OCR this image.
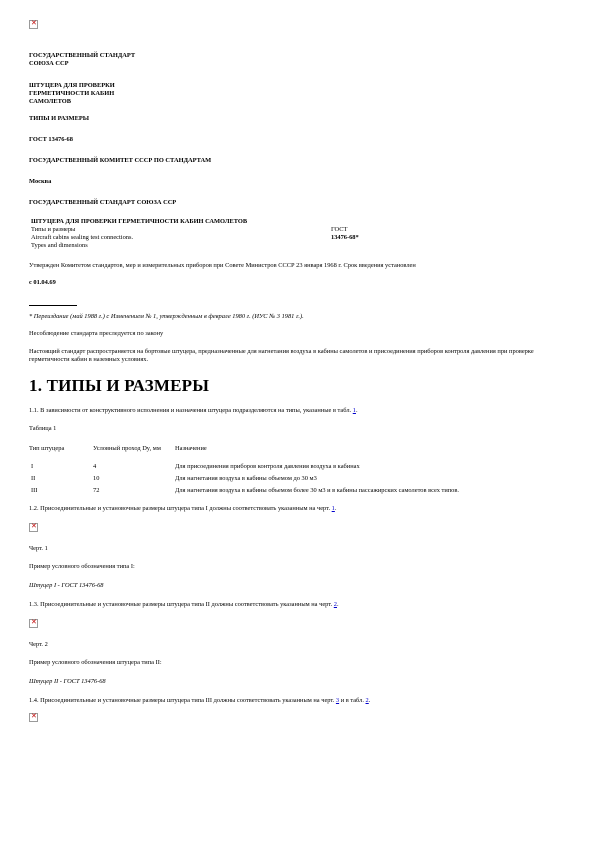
✕

ГОСУДАРСТВЕННЫЙ СТАНДАРТ

СОЮЗА ССР

ШТУЦЕРА ДЛЯ ПРОВЕРКИ

ГЕРМЕТИЧНОСТИ КАБИН

САМОЛЕТОВ

ТИПЫ И РАЗМЕРЫ

ГОСТ 13476-68

ГОСУДАРСТВЕННЫЙ КОМИТЕТ СССР ПО СТАНДАРТАМ

Москва

ГОСУДАРСТВЕННЫЙ СТАНДАРТ СОЮЗА ССР

ШТУЦЕРА ДЛЯ ПРОВЕРКИ ГЕРМЕТИЧНОСТИ КАБИН САМОЛЕТОВ	
Типы и размеры	ГОСТ
Aircraft cabins sealing test connections.	13476-68*
Types and dimensions	

Утвержден Комитетом стандартов, мер и измерительных приборов при Совете Министров СССР 23 января 1968 г. Срок введения установлен

с 01.04.69

* Переиздание (май 1988 г.) с Изменением № 1, утвержденным в феврале 1980 г. (ИУС № 3 1981 г.).

Несоблюдение стандарта преследуется по закону

Настоящий стандарт распространяется на бортовые штуцера, предназначенные для нагнетания воздуха в кабины самолетов и присоединения приборов контроля давления при проверке герметичности кабин в наземных условиях.

1. ТИПЫ И РАЗМЕРЫ

1.1. В зависимости от конструктивного исполнения и назначения штуцера подразделяются на типы, указанные в табл. 1.

Таблица 1

Тип штуцера	Условный проход Dy, мм	Назначение

I	4	Для присоединения приборов контроля давления воздуха в кабинах
II	10	Для нагнетания воздуха в кабины объемом до 30 м3
III	72	Для нагнетания воздуха в кабины объемом более 30 м3 и в кабины пассажирских самолетов всех типов.

1.2. Присоединительные и установочные размеры штуцера типа I должны соответствовать указанным на черт. 1.

✕

Черт. 1

Пример условного обозначения типа I:

Штуцер I - ГОСТ 13476-68

1.3. Присоединительные и установочные размеры штуцера типа II должны соответствовать указанным на черт. 2.

✕

Черт. 2

Пример условного обозначения штуцера типа II:

Штуцер II - ГОСТ 13476-68

1.4. Присоединительные и установочные размеры штуцера типа III должны соответствовать указанным на черт. 3 и в табл. 2.

✕
